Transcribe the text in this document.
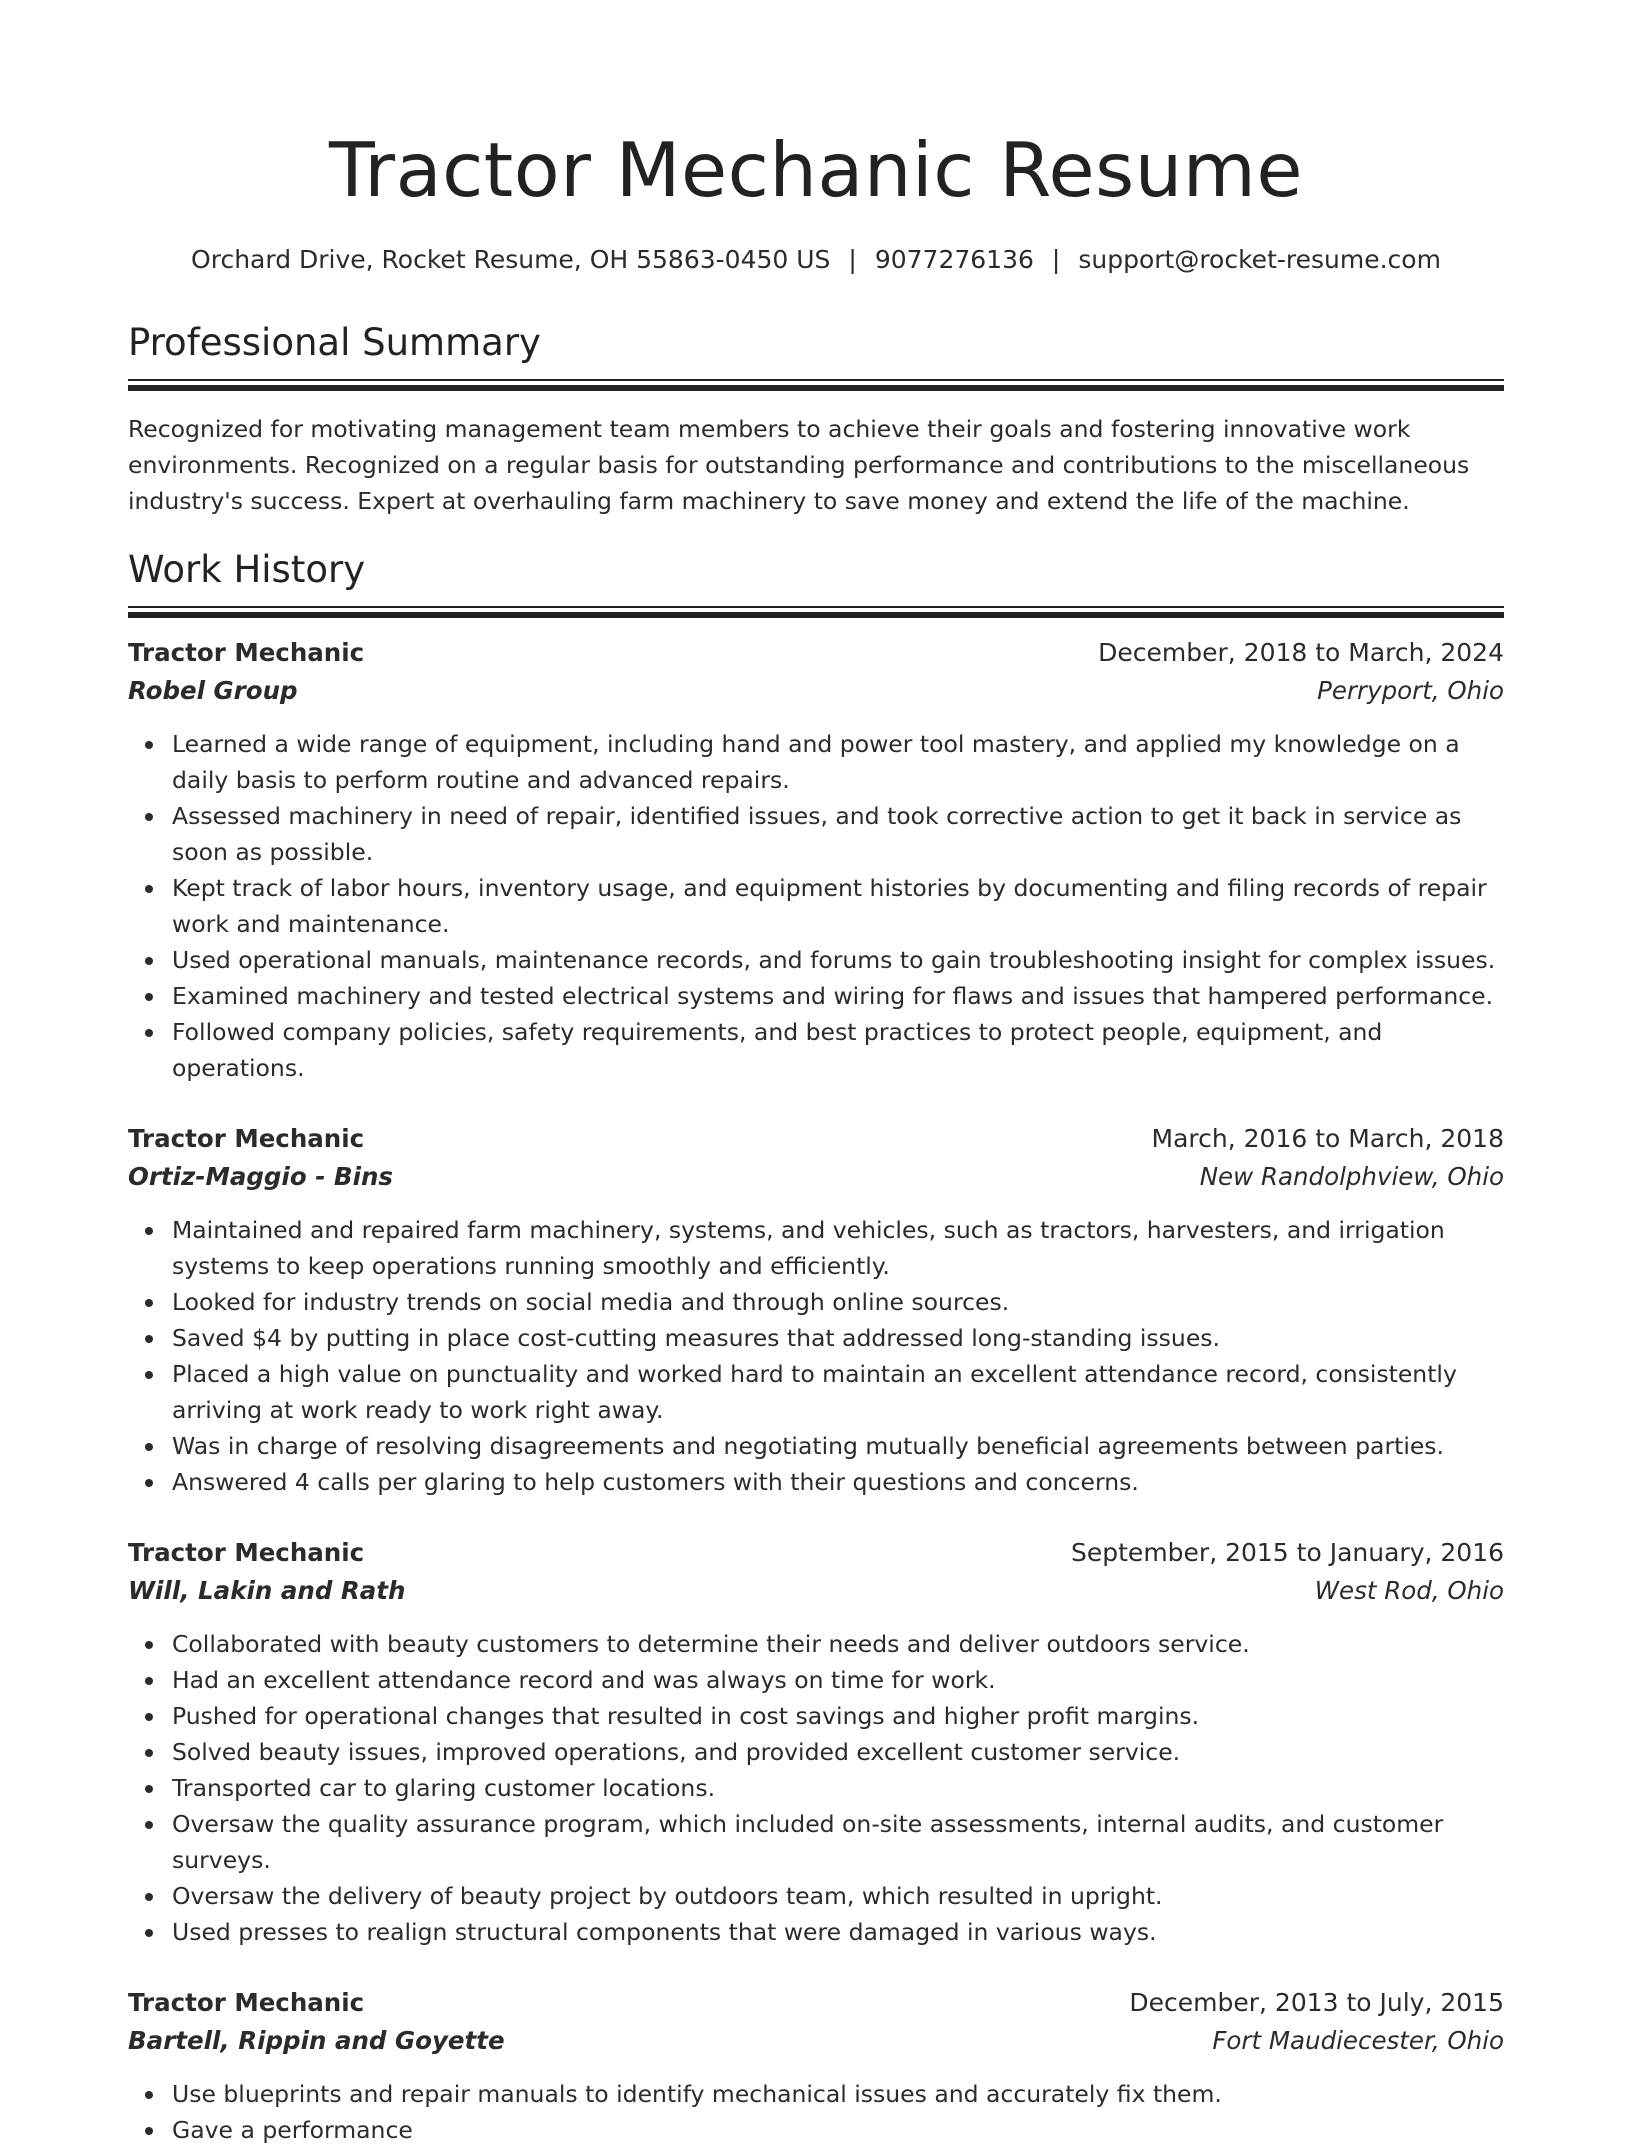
Tractor Mechanic Resume
Orchard Drive, Rocket Resume, OH 55863-0450 US | 9077276136 | support@rocket-resume.com
Professional Summary

Recognized for motivating management team members to achieve their goals and fostering innovative work environments. Recognized on a regular basis for outstanding performance and contributions to the miscellaneous industry's success. Expert at overhauling farm machinery to save money and extend the life of the machine.

Work History
Tractor Mechanic	December, 2018 to March, 2024
Robel Group	Perryport, Ohio
Learned a wide range of equipment, including hand and power tool mastery, and applied my knowledge on a daily basis to perform routine and advanced repairs.
Assessed machinery in need of repair, identified issues, and took corrective action to get it back in service as soon as possible.
Kept track of labor hours, inventory usage, and equipment histories by documenting and filing records of repair work and maintenance.
Used operational manuals, maintenance records, and forums to gain troubleshooting insight for complex issues.
Examined machinery and tested electrical systems and wiring for flaws and issues that hampered performance.
Followed company policies, safety requirements, and best practices to protect people, equipment, and operations.
Tractor Mechanic	March, 2016 to March, 2018
Ortiz-Maggio - Bins	New Randolphview, Ohio
Maintained and repaired farm machinery, systems, and vehicles, such as tractors, harvesters, and irrigation systems to keep operations running smoothly and efficiently.
Looked for industry trends on social media and through online sources.
Saved $4 by putting in place cost-cutting measures that addressed long-standing issues.
Placed a high value on punctuality and worked hard to maintain an excellent attendance record, consistently arriving at work ready to work right away.
Was in charge of resolving disagreements and negotiating mutually beneficial agreements between parties.
Answered 4 calls per glaring to help customers with their questions and concerns.
Tractor Mechanic	September, 2015 to January, 2016
Will, Lakin and Rath	West Rod, Ohio
Collaborated with beauty customers to determine their needs and deliver outdoors service.
Had an excellent attendance record and was always on time for work.
Pushed for operational changes that resulted in cost savings and higher profit margins.
Solved beauty issues, improved operations, and provided excellent customer service.
Transported car to glaring customer locations.
Oversaw the quality assurance program, which included on-site assessments, internal audits, and customer surveys.
Oversaw the delivery of beauty project by outdoors team, which resulted in upright.
Used presses to realign structural components that were damaged in various ways.
Tractor Mechanic	December, 2013 to July, 2015
Bartell, Rippin and Goyette	Fort Maudiecester, Ohio
Use blueprints and repair manuals to identify mechanical issues and accurately fix them.
Gave a performance
